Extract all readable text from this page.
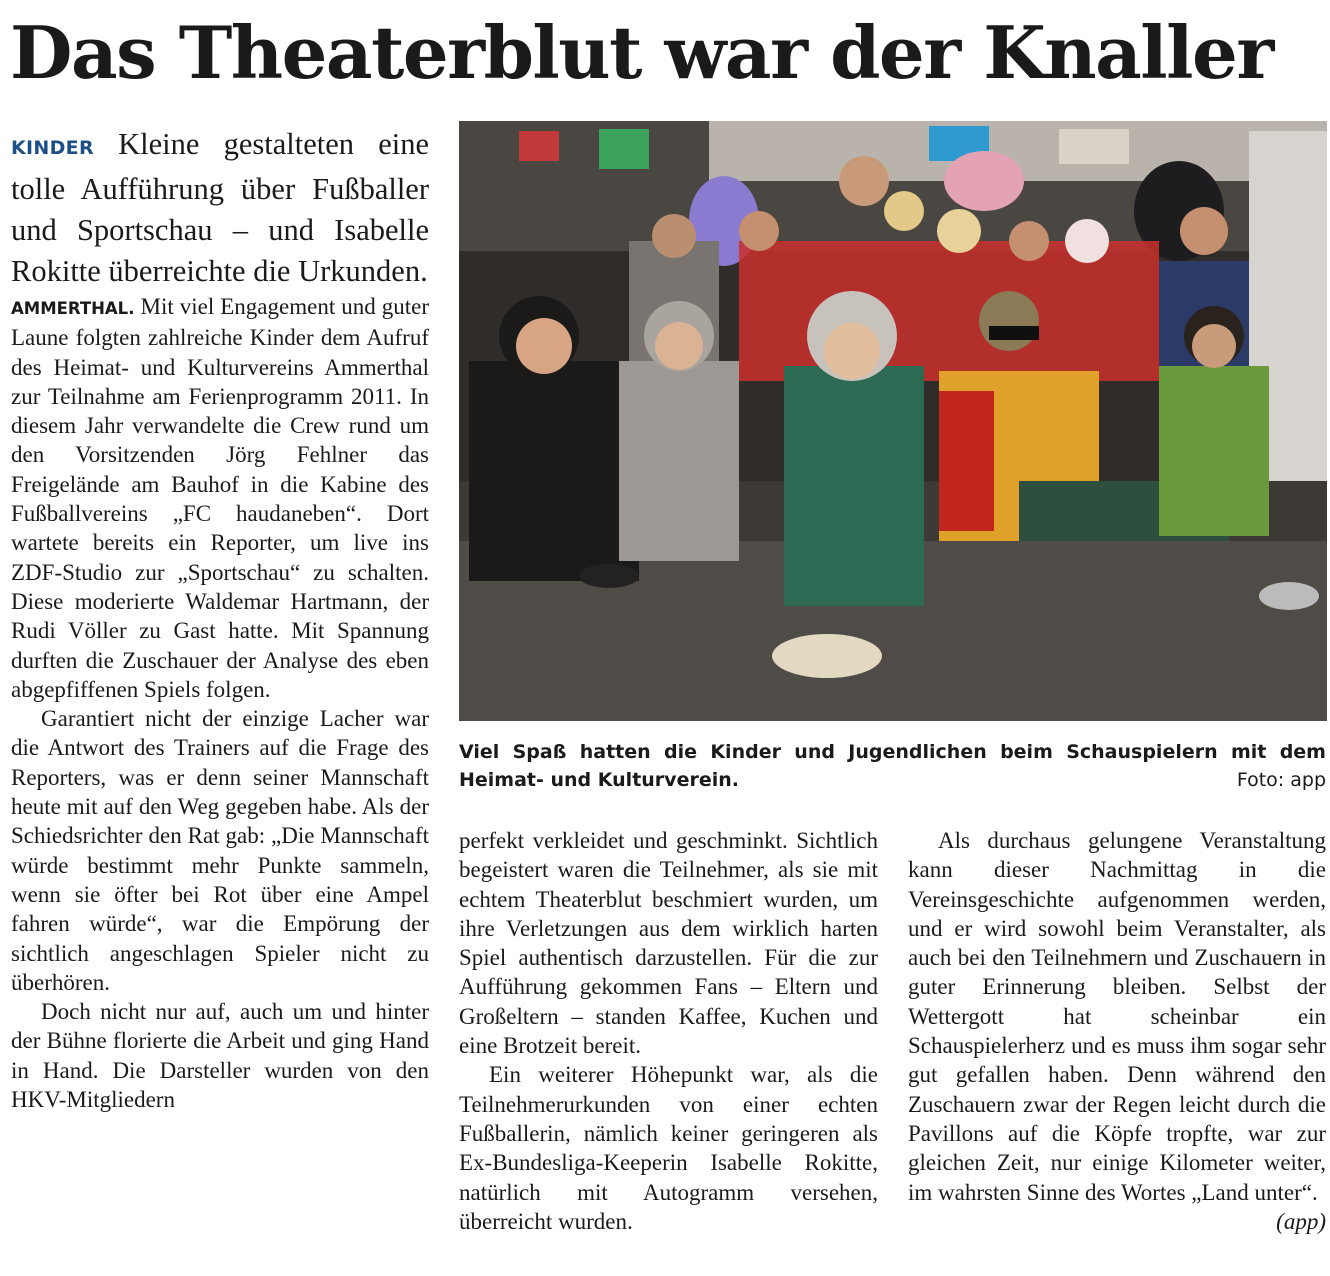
Das Theaterblut war der Knaller

KINDER Kleine gestalteten eine tolle Aufführung über Fußballer und Sportschau – und Isabelle Rokitte überreichte die Urkunden.

AMMERTHAL. Mit viel Engagement und guter Laune folgten zahlreiche Kinder dem Aufruf des Heimat- und Kulturvereins Ammerthal zur Teilnahme am Ferienprogramm 2011. In diesem Jahr verwandelte die Crew rund um den Vorsitzenden Jörg Fehlner das Freigelände am Bauhof in die Kabine des Fußballvereins „FC haudaneben“. Dort wartete bereits ein Reporter, um live ins ZDF-Studio zur „Sportschau“ zu schalten. Diese moderierte Waldemar Hartmann, der Rudi Völler zu Gast hatte. Mit Spannung durften die Zuschauer der Analyse des eben abgepfiffenen Spiels folgen.

Garantiert nicht der einzige Lacher war die Antwort des Trainers auf die Frage des Reporters, was er denn seiner Mannschaft heute mit auf den Weg gegeben habe. Als der Schiedsrichter den Rat gab: „Die Mannschaft würde bestimmt mehr Punkte sammeln, wenn sie öfter bei Rot über eine Ampel fahren würde“, war die Empörung der sichtlich angeschlagen Spieler nicht zu überhören.

Doch nicht nur auf, auch um und hinter der Bühne florierte die Arbeit und ging Hand in Hand. Die Darsteller wurden von den HKV-Mitgliedern

Viel Spaß hatten die Kinder und Jugendlichen beim Schauspielern mit dem Heimat- und Kulturverein.	Foto: app

perfekt verkleidet und geschminkt. Sichtlich begeistert waren die Teilnehmer, als sie mit echtem Theaterblut beschmiert wurden, um ihre Verletzungen aus dem wirklich harten Spiel authentisch darzustellen. Für die zur Aufführung gekommen Fans – Eltern und Großeltern – standen Kaffee, Kuchen und eine Brotzeit bereit.

Ein weiterer Höhepunkt war, als die Teilnehmerurkunden von einer echten Fußballerin, nämlich keiner geringeren als Ex-Bundesliga-Keeperin Isabelle Rokitte, natürlich mit Autogramm versehen, überreicht wurden.

Als durchaus gelungene Veranstaltung kann dieser Nachmittag in die Vereinsgeschichte aufgenommen werden, und er wird sowohl beim Veranstalter, als auch bei den Teilnehmern und Zuschauern in guter Erinnerung bleiben. Selbst der Wettergott hat scheinbar ein Schauspielerherz und es muss ihm sogar sehr gut gefallen haben. Denn während den Zuschauern zwar der Regen leicht durch die Pavillons auf die Köpfe tropfte, war zur gleichen Zeit, nur einige Kilometer weiter, im wahrsten Sinne des Wortes „Land unter“.
(app)
